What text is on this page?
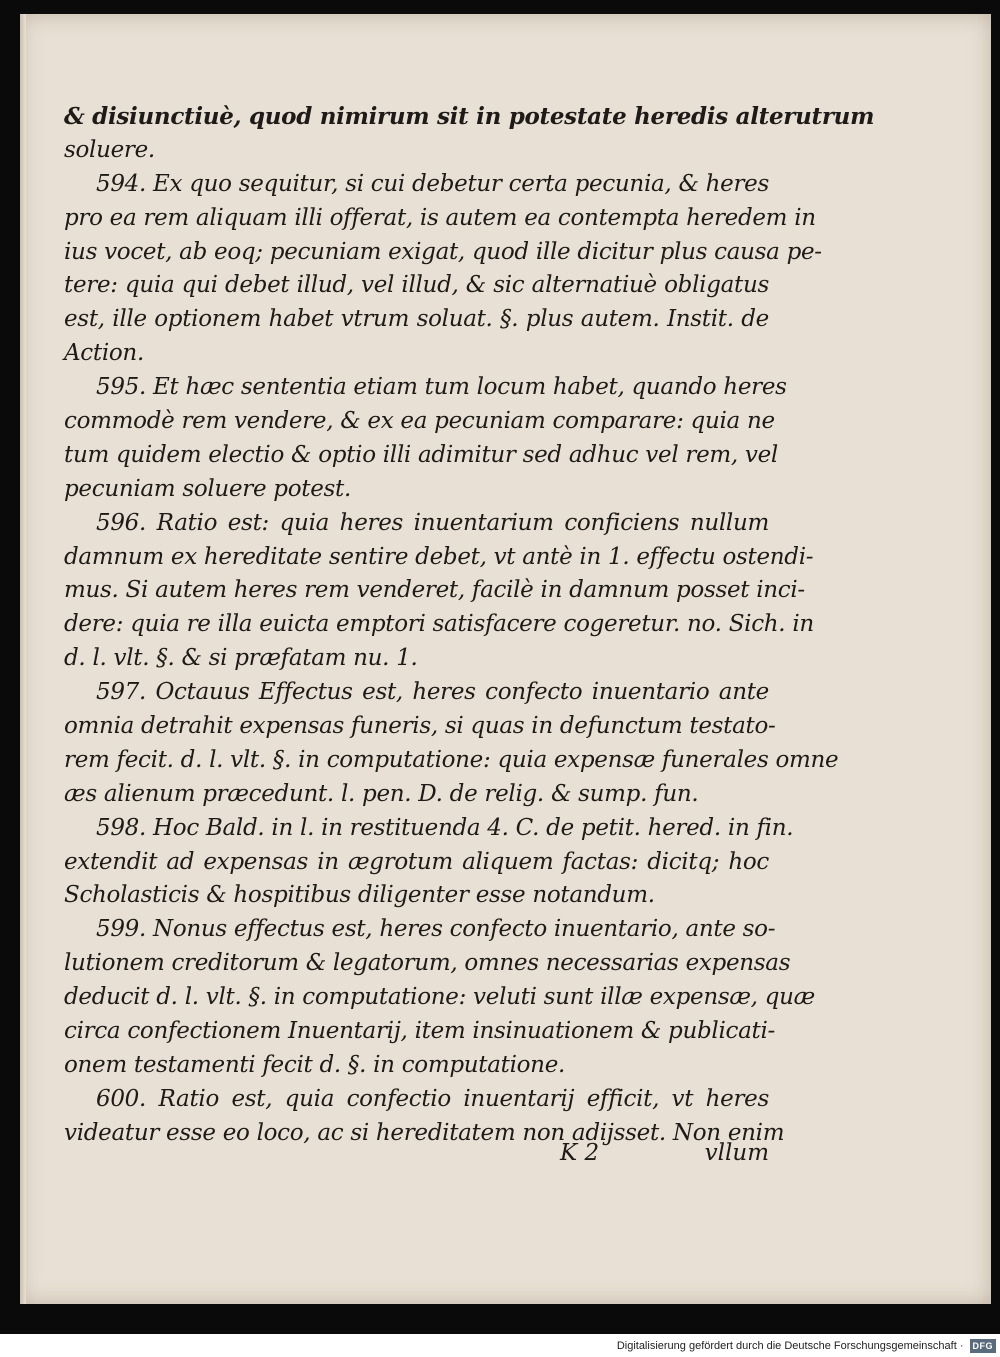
& disiunctiuè, quod nimirum sit in potestate heredis alterutrum
soluere.
594. Ex quo sequitur, si cui debetur certa pecunia, & heres
pro ea rem aliquam illi offerat, is autem ea contempta heredem in
ius vocet, ab eoq; pecuniam exigat, quod ille dicitur plus causa pe-
tere: quia qui debet illud, vel illud, & sic alternatiuè obligatus
est, ille optionem habet vtrum soluat. §. plus autem. Instit. de
Action.
595. Et hæc sententia etiam tum locum habet, quando heres
commodè rem vendere, & ex ea pecuniam comparare: quia ne
tum quidem electio & optio illi adimitur sed adhuc vel rem, vel
pecuniam soluere potest.
596. Ratio est: quia heres inuentarium conficiens nullum
damnum ex hereditate sentire debet, vt antè in 1. effectu ostendi-
mus. Si autem heres rem venderet, facilè in damnum posset inci-
dere: quia re illa euicta emptori satisfacere cogeretur. no. Sich. in
d. l. vlt. §. & si præfatam nu. 1.
597. Octauus Effectus est, heres confecto inuentario ante
omnia detrahit expensas funeris, si quas in defunctum testato-
rem fecit. d. l. vlt. §. in computatione: quia expensæ funerales omne
æs alienum præcedunt. l. pen. D. de relig. & sump. fun.
598. Hoc Bald. in l. in restituenda 4. C. de petit. hered. in fin.
extendit ad expensas in ægrotum aliquem factas: dicitq; hoc
Scholasticis & hospitibus diligenter esse notandum.
599. Nonus effectus est, heres confecto inuentario, ante so-
lutionem creditorum & legatorum, omnes necessarias expensas
deducit d. l. vlt. §. in computatione: veluti sunt illæ expensæ, quæ
circa confectionem Inuentarij, item insinuationem & publicati-
onem testamenti fecit d. §. in computatione.
600. Ratio est, quia confectio inuentarij efficit, vt heres
videatur esse eo loco, ac si hereditatem non adijsset. Non enim
K 2	vllum
Digitalisierung gefördert durch die Deutsche Forschungsgemeinschaft ·	DFG
